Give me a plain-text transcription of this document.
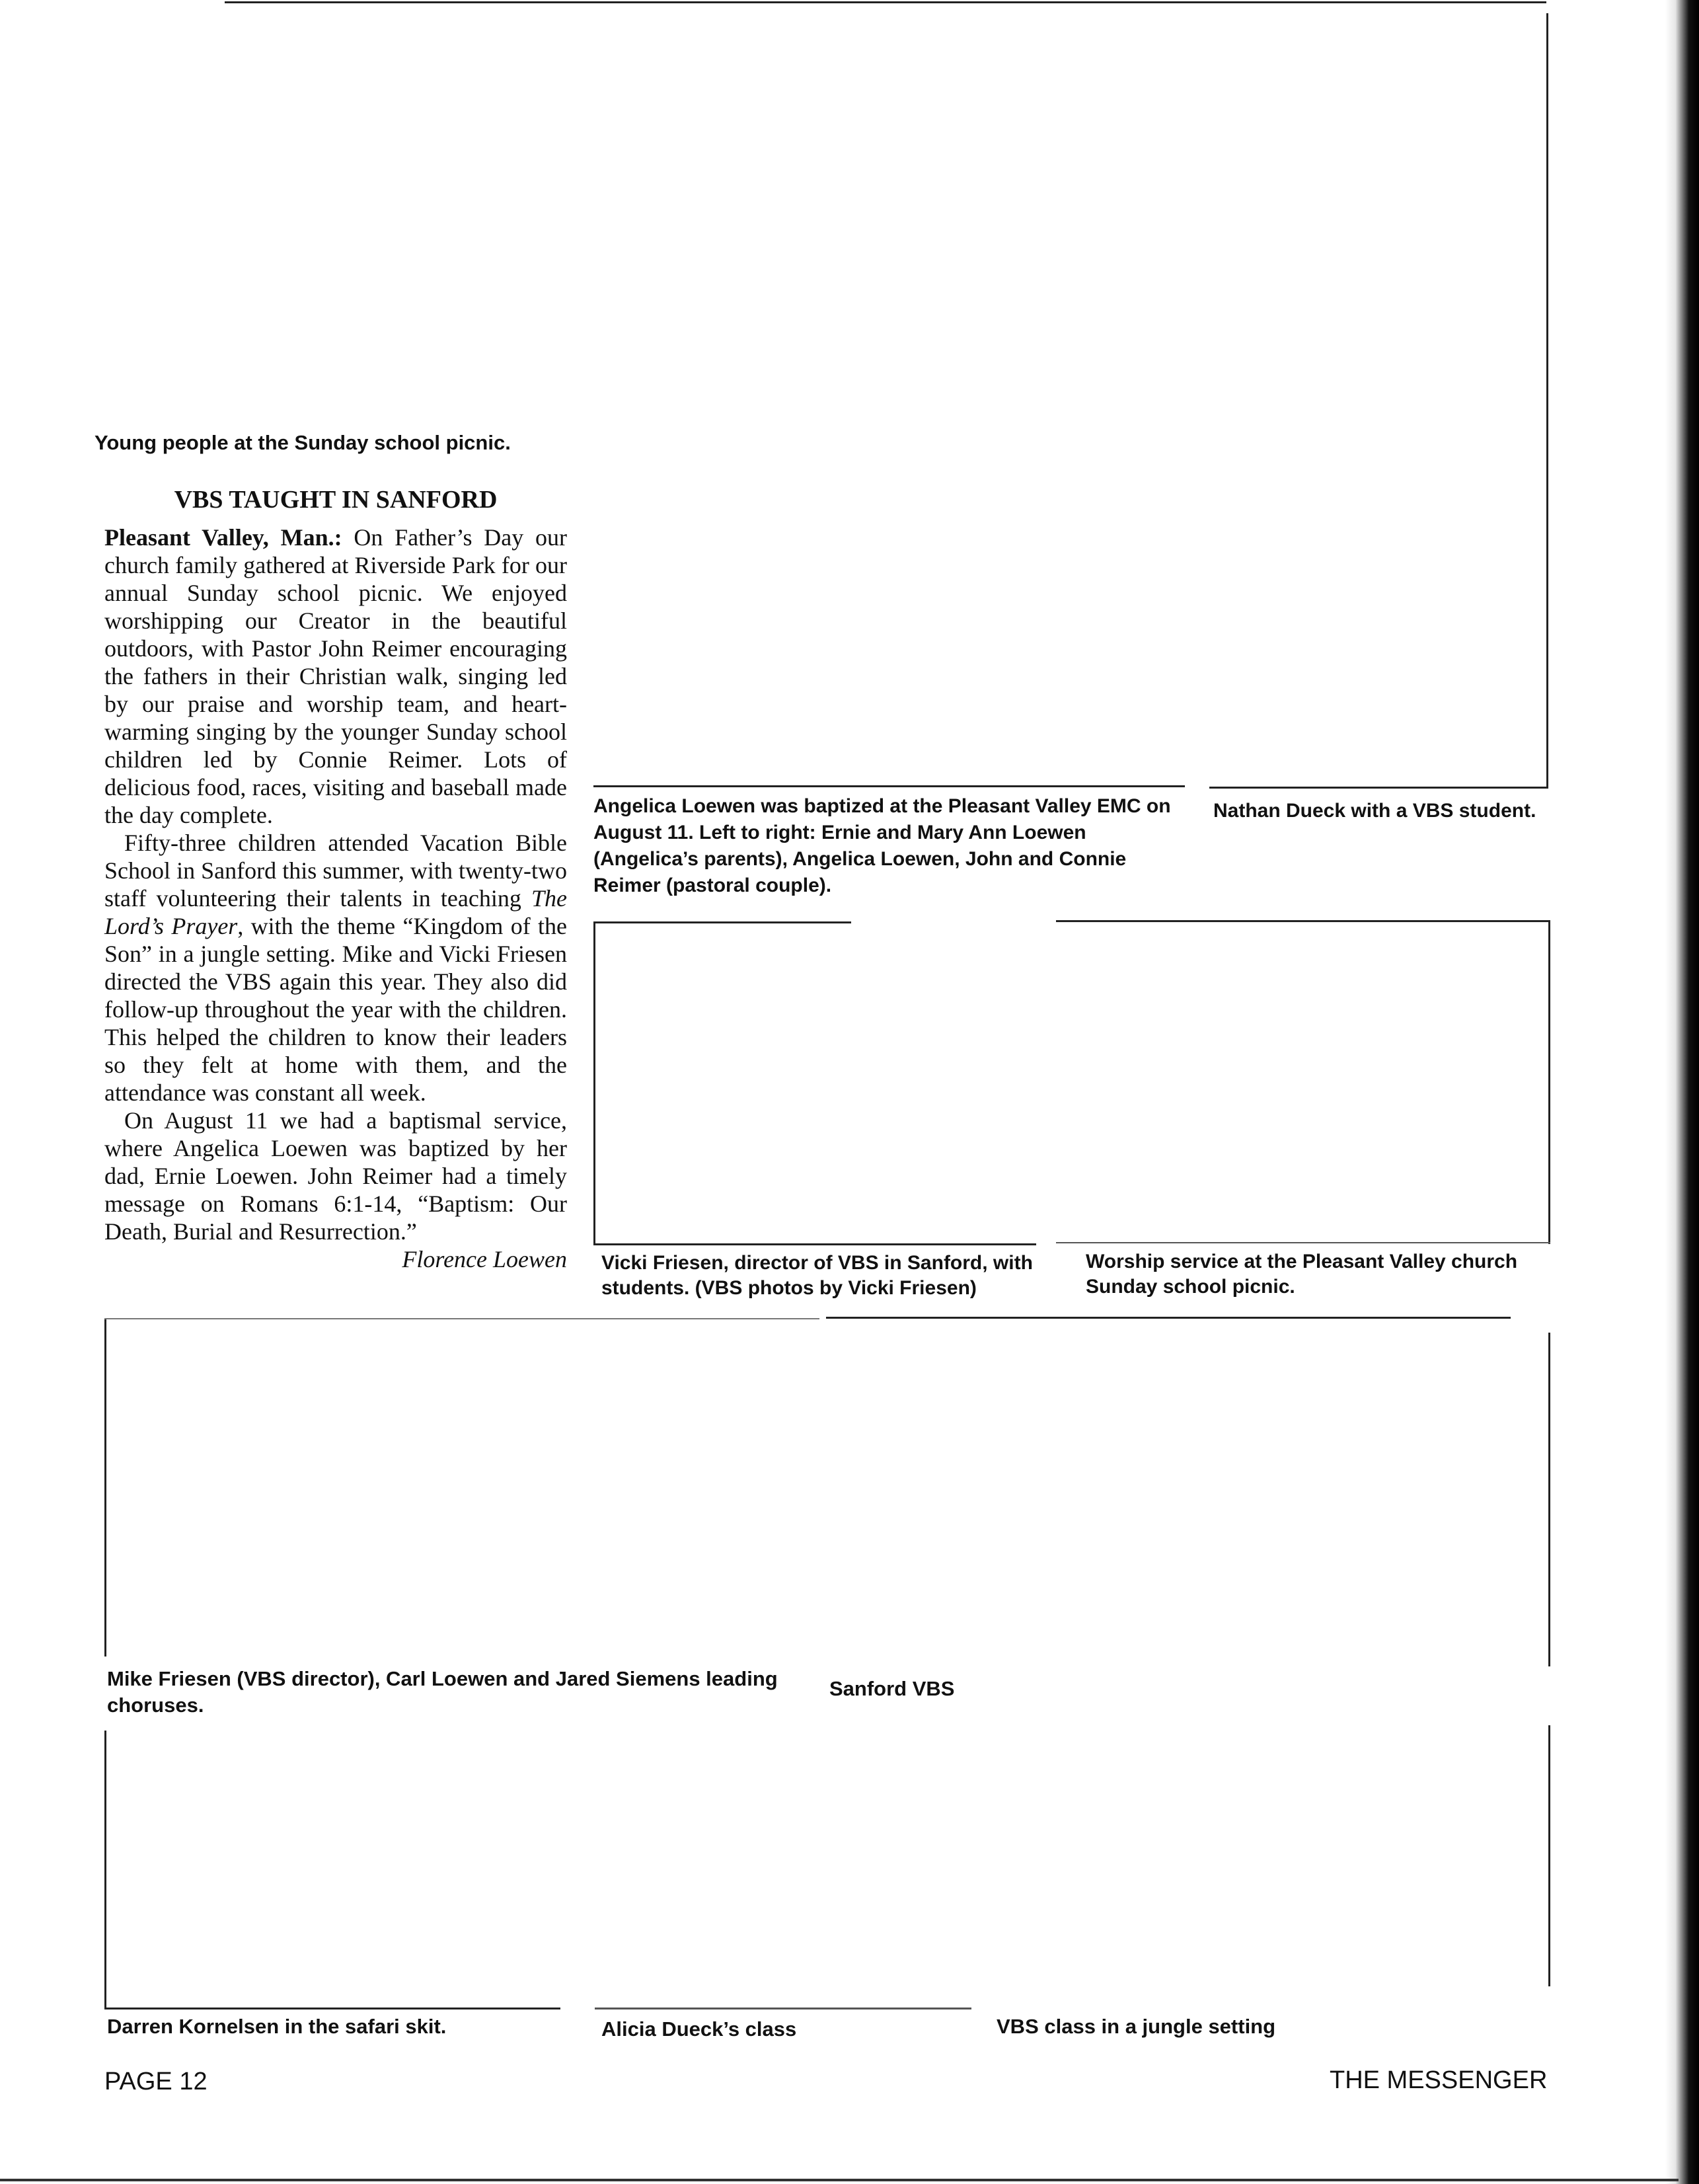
Young people at the Sunday school picnic.
VBS TAUGHT IN SANFORD

Pleasant Valley, Man.: On Father’s Day our church family gathered at Riverside Park for our annual Sunday school picnic. We enjoyed worshipping our Creator in the beautiful outdoors, with Pastor John Reimer encouraging the fathers in their Christian walk, singing led by our praise and worship team, and heart-warming singing by the younger Sunday school children led by Connie Reimer. Lots of delicious food, races, visiting and baseball made the day complete.

Fifty-three children attended Vacation Bible School in Sanford this summer, with twenty-two staff volunteering their talents in teaching The Lord’s Prayer, with the theme “Kingdom of the Son” in a jungle setting. Mike and Vicki Friesen directed the VBS again this year. They also did follow-up throughout the year with the children. This helped the children to know their leaders so they felt at home with them, and the attendance was constant all week.

On August 11 we had a baptismal service, where Angelica Loewen was baptized by her dad, Ernie Loewen. John Reimer had a timely message on Romans 6:1-14, “Baptism: Our Death, Burial and Resurrection.”

Florence Loewen
Angelica Loewen was baptized at the Pleasant Valley EMC on August 11. Left to right: Ernie and Mary Ann Loewen (Angelica’s parents), Angelica Loewen, John and Connie Reimer (pastoral couple).
Nathan Dueck with a VBS student.
Vicki Friesen, director of VBS in Sanford, with students. (VBS photos by Vicki Friesen)
Worship service at the Pleasant Valley church Sunday school picnic.
Mike Friesen (VBS director), Carl Loewen and Jared Siemens leading choruses.
Sanford VBS
Darren Kornelsen in the safari skit.	Alicia Dueck’s class	VBS class in a jungle setting
PAGE 12	THE MESSENGER
